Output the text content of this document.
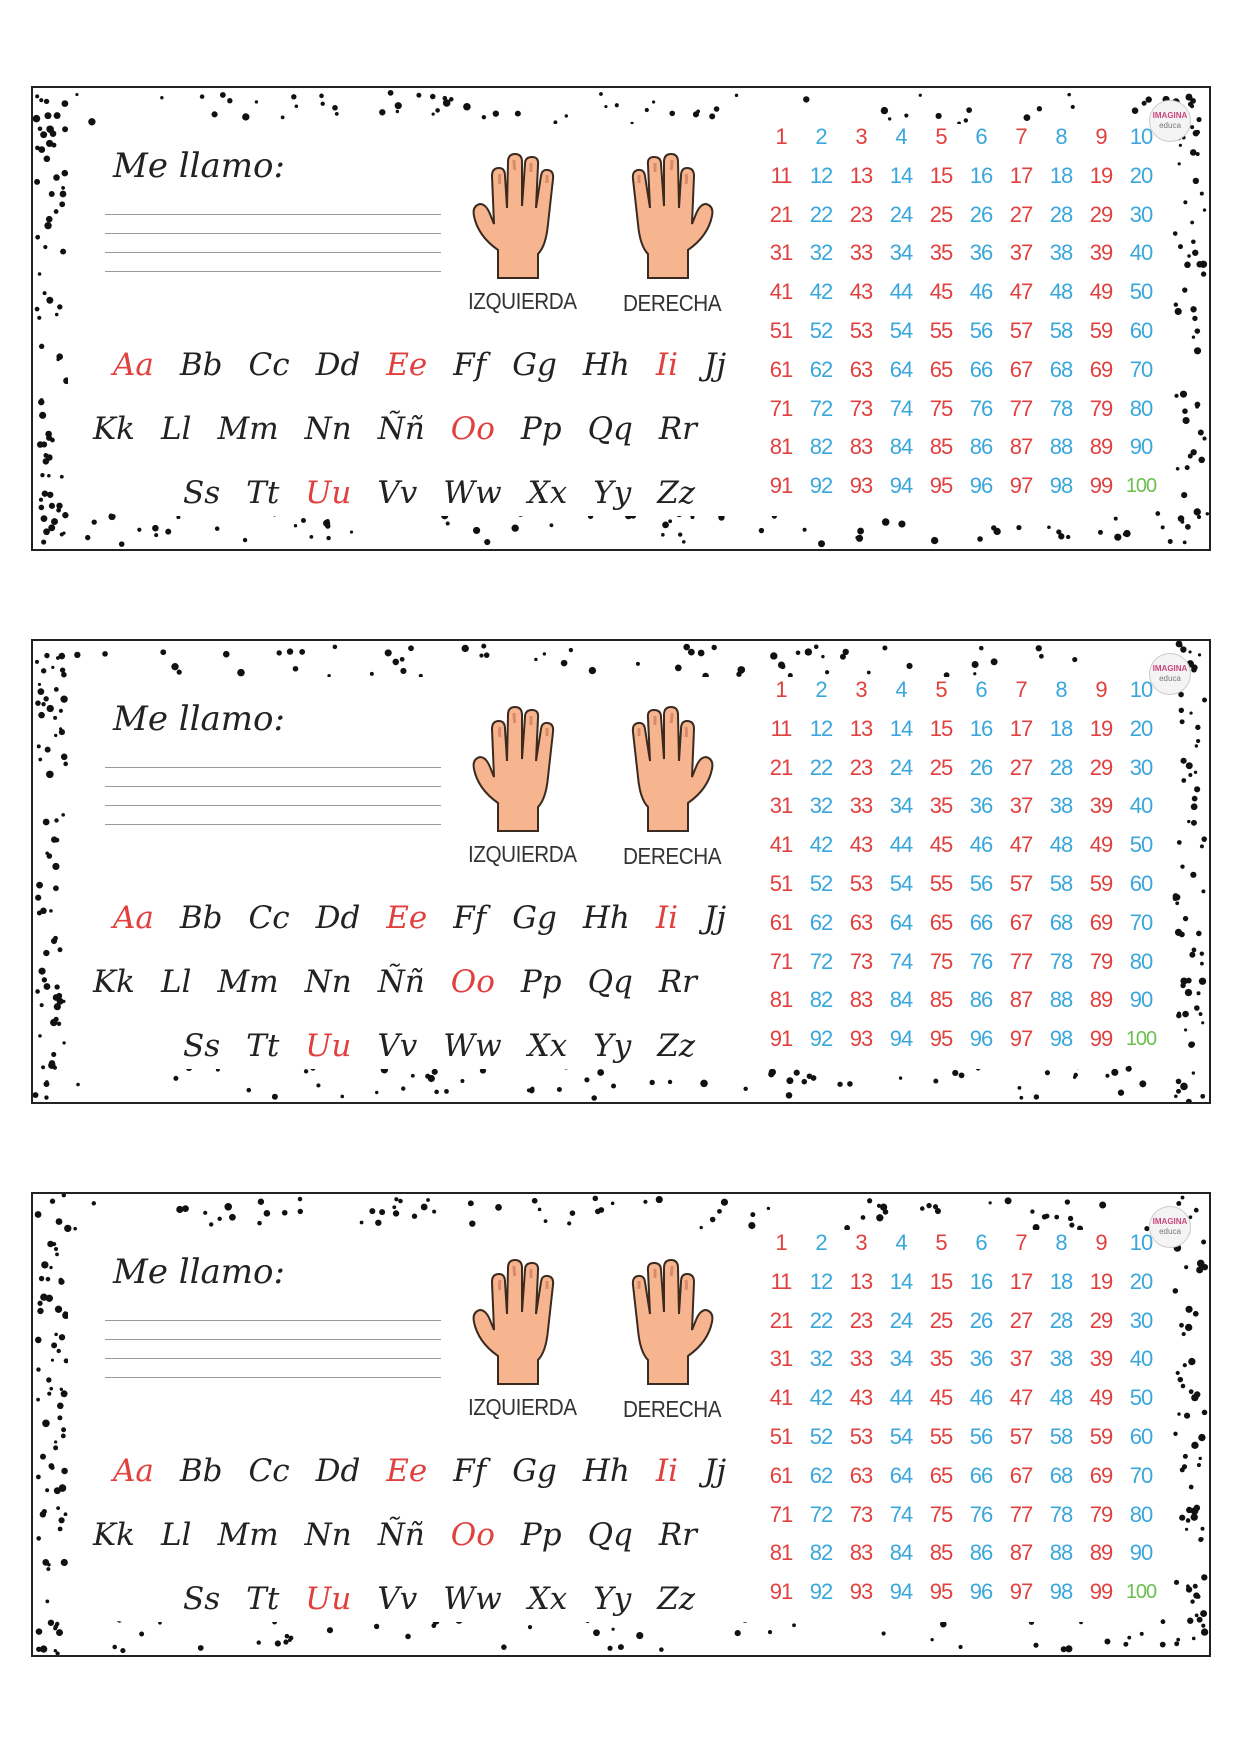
IMAGINA
educa
Me llamo:
IZQUIERDA DERECHA
Aa Bb Cc Dd Ee Ff Gg Hh Ii Jj
Kk Ll Mm Nn Ññ Oo Pp Qq Rr
Ss Tt Uu Vv Ww Xx Yy Zz
1	2	3	4	5	6	7	8	9	10
11 12 13 14 15 16 17 18 19 20
21 22 23 24 25 26 27 28 29 30
31 32 33 34 35 36 37 38 39 40
41 42 43 44 45 46 47 48 49 50
51 52 53 54 55 56 57 58 59 60
61 62 63 64 65 66 67 68 69 70
71 72 73 74 75 76 77 78 79 80
81 82 83 84 85 86 87 88 89 90
91 92 93 94 95 96 97 98 99 100
IMAGINA
educa
Me llamo:
IZQUIERDA DERECHA
Aa Bb Cc Dd Ee Ff Gg Hh Ii Jj
Kk Ll Mm Nn Ññ Oo Pp Qq Rr
Ss Tt Uu Vv Ww Xx Yy Zz
1	2	3	4	5	6	7	8	9	10
11 12 13 14 15 16 17 18 19 20
21 22 23 24 25 26 27 28 29 30
31 32 33 34 35 36 37 38 39 40
41 42 43 44 45 46 47 48 49 50
51 52 53 54 55 56 57 58 59 60
61 62 63 64 65 66 67 68 69 70
71 72 73 74 75 76 77 78 79 80
81 82 83 84 85 86 87 88 89 90
91 92 93 94 95 96 97 98 99 100
IMAGINA
educa
Me llamo:
IZQUIERDA DERECHA
Aa Bb Cc Dd Ee Ff Gg Hh Ii Jj
Kk Ll Mm Nn Ññ Oo Pp Qq Rr
Ss Tt Uu Vv Ww Xx Yy Zz
1	2	3	4	5	6	7	8	9	10
11 12 13 14 15 16 17 18 19 20
21 22 23 24 25 26 27 28 29 30
31 32 33 34 35 36 37 38 39 40
41 42 43 44 45 46 47 48 49 50
51 52 53 54 55 56 57 58 59 60
61 62 63 64 65 66 67 68 69 70
71 72 73 74 75 76 77 78 79 80
81 82 83 84 85 86 87 88 89 90
91 92 93 94 95 96 97 98 99 100
